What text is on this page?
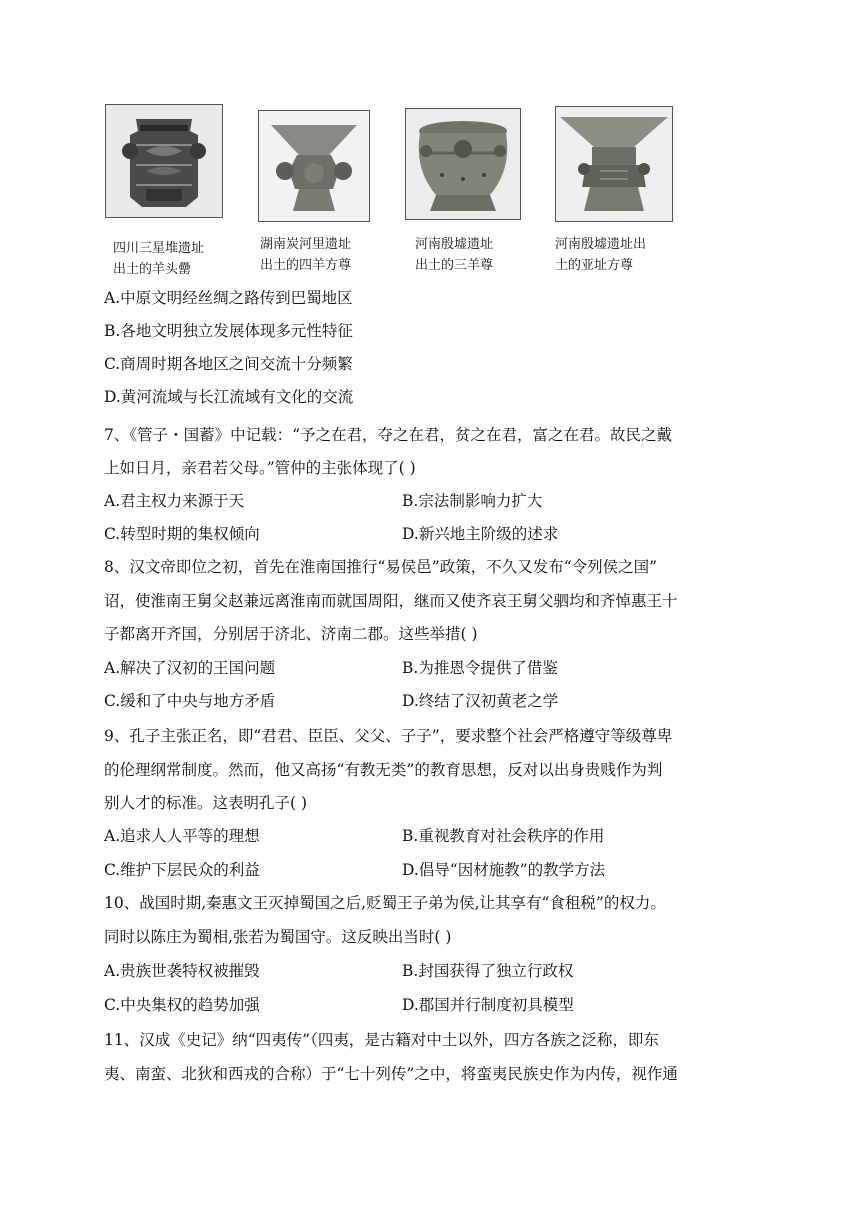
四川三星堆遗址
出土的羊头罍
湖南炭河里遗址
出土的四羊方尊
河南殷墟遗址
出土的三羊尊
河南殷墟遗址出
土的亚址方尊
A.中原文明经丝绸之路传到巴蜀地区
B.各地文明独立发展体现多元性特征
C.商周时期各地区之间交流十分频繁
D.黄河流域与长江流域有文化的交流
7、《管子・国蓄》中记载：“予之在君，夺之在君，贫之在君，富之在君。故民之戴
上如日月，亲君若父母。”管仲的主张体现了( )
A.君主权力来源于天	B.宗法制影响力扩大
C.转型时期的集权倾向	D.新兴地主阶级的述求
8、汉文帝即位之初，首先在淮南国推行“易侯邑”政策，不久又发布“令列侯之国”
诏，使淮南王舅父赵兼远离淮南而就国周阳，继而又使齐哀王舅父驷均和齐悼惠王十
子都离开齐国，分别居于济北、济南二郡。这些举措( )
A.解决了汉初的王国问题	B.为推恩令提供了借鉴
C.缓和了中央与地方矛盾	D.终结了汉初黄老之学
9、孔子主张正名，即“君君、臣臣、父父、子子”，要求整个社会严格遵守等级尊卑
的伦理纲常制度。然而，他又高扬“有教无类”的教育思想，反对以出身贵贱作为判
别人才的标准。这表明孔子( )
A.追求人人平等的理想	B.重视教育对社会秩序的作用
C.维护下层民众的利益	D.倡导“因材施教”的教学方法
10、战国时期,秦惠文王灭掉蜀国之后,贬蜀王子弟为侯,让其享有“食租税”的权力。
同时以陈庄为蜀相,张若为蜀国守。这反映出当时( )
A.贵族世袭特权被摧毁	B.封国获得了独立行政权
C.中央集权的趋势加强	D.郡国并行制度初具模型
11、汉成《史记》纳“四夷传”（四夷，是古籍对中土以外，四方各族之泛称，即东
夷、南蛮、北狄和西戎的合称）于“七十列传”之中，将蛮夷民族史作为内传，视作通
